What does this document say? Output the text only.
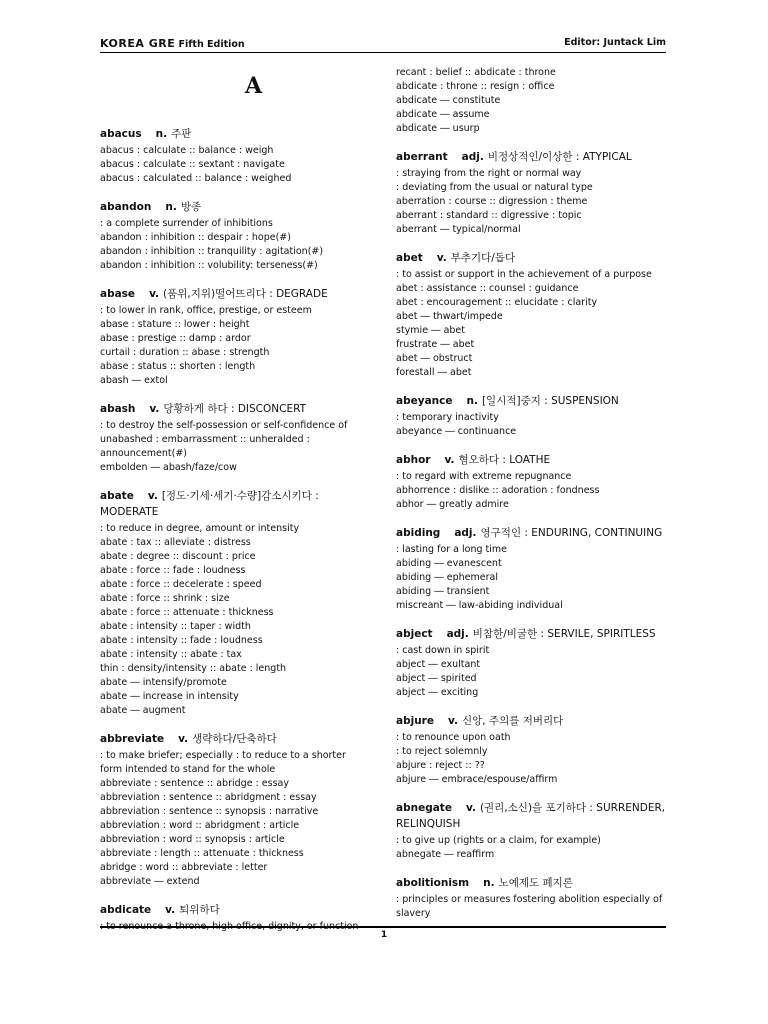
KOREA GRE Fifth Edition	Editor: Juntack Lim
A
abacus n. 주판
abacus : calculate :: balance : weigh
abacus : calculate :: sextant : navigate
abacus : calculated :: balance : weighed
abandon n. 방종
: a complete surrender of inhibitions
abandon : inhibition :: despair : hope(#)
abandon : inhibition :: tranquility : agitation(#)
abandon : inhibition :: volubility: terseness(#)
abase v. (품위,지위)떨어뜨리다 : DEGRADE
: to lower in rank, office, prestige, or esteem
abase : stature :: lower : height
abase : prestige :: damp : ardor
curtail : duration :: abase : strength
abase : status :: shorten : length
abash ― extol
abash v. 당황하게 하다 : DISCONCERT
: to destroy the self-possession or self-confidence of
unabashed : embarrassment :: unheralded :
announcement(#)
embolden ― abash/faze/cow
abate v. [정도·기세·세기·수량]감소시키다 : MODERATE
: to reduce in degree, amount or intensity
abate : tax :: alleviate : distress
abate : degree :: discount : price
abate : force :: fade : loudness
abate : force :: decelerate : speed
abate : force :: shrink : size
abate : force :: attenuate : thickness
abate : intensity :: taper : width
abate : intensity :: fade : loudness
abate : intensity :: abate : tax
thin : density/intensity :: abate : length
abate ― intensify/promote
abate ― increase in intensity
abate ― augment
abbreviate v. 생략하다/단축하다
: to make briefer; especially : to reduce to a shorter
form intended to stand for the whole
abbreviate : sentence :: abridge : essay
abbreviation : sentence :: abridgment : essay
abbreviation : sentence :: synopsis : narrative
abbreviation : word :: abridgment : article
abbreviation : word :: synopsis : article
abbreviate : length :: attenuate : thickness
abridge : word :: abbreviate : letter
abbreviate ― extend
abdicate v. 퇴위하다
: to renounce a throne, high office, dignity, or function
recant : belief :: abdicate : throne
abdicate : throne :: resign : office
abdicate ― constitute
abdicate ― assume
abdicate ― usurp
aberrant adj. 비정상적인/이상한 : ATYPICAL
: straying from the right or normal way
: deviating from the usual or natural type
aberration : course :: digression : theme
aberrant : standard :: digressive : topic
aberrant ― typical/normal
abet v. 부추기다/돕다
: to assist or support in the achievement of a purpose
abet : assistance :: counsel : guidance
abet : encouragement :: elucidate : clarity
abet ― thwart/impede
stymie ― abet
frustrate ― abet
abet ― obstruct
forestall ― abet
abeyance n. [일시적]중지 : SUSPENSION
: temporary inactivity
abeyance ― continuance
abhor v. 혐오하다 : LOATHE
: to regard with extreme repugnance
abhorrence : dislike :: adoration : fondness
abhor ― greatly admire
abiding adj. 영구적인 : ENDURING, CONTINUING
: lasting for a long time
abiding ― evanescent
abiding ― ephemeral
abiding ― transient
miscreant ― law-abiding individual
abject adj. 비참한/비굴한 : SERVILE, SPIRITLESS
: cast down in spirit
abject ― exultant
abject ― spirited
abject ― exciting
abjure v. 신앙, 주의를 저버리다
: to renounce upon oath
: to reject solemnly
abjure : reject :: ??
abjure ― embrace/espouse/affirm
abnegate v. (권리,소신)을 포기하다 : SURRENDER, RELINQUISH
: to give up (rights or a claim, for example)
abnegate ― reaffirm
abolitionism n. 노예제도 폐지론
: principles or measures fostering abolition especially of
slavery
1
